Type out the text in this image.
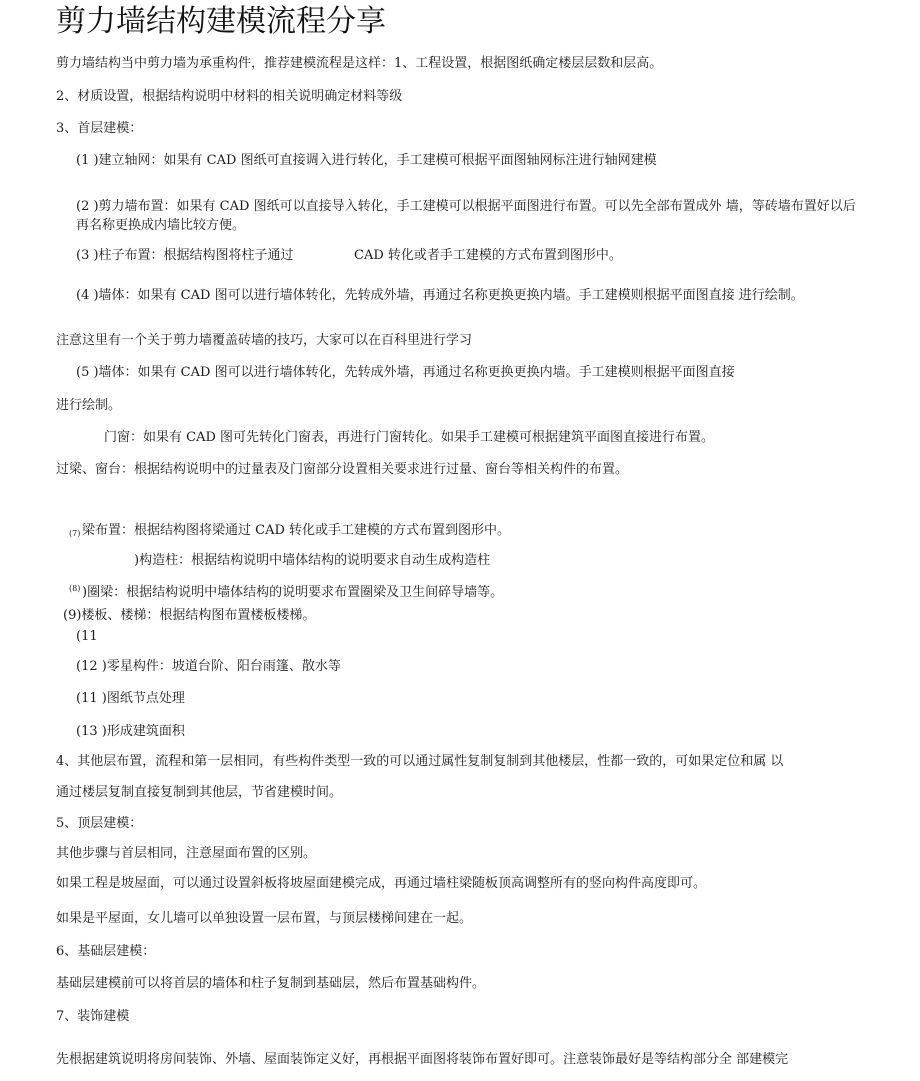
剪力墙结构建模流程分享
剪力墙结构当中剪力墙为承重构件，推荐建模流程是这样：1、工程设置，根据图纸确定楼层层数和层高。
2、材质设置，根据结构说明中材料的相关说明确定材料等级
3、首层建模：
(1 )建立轴网：如果有 CAD 图纸可直接调入进行转化，手工建模可根据平面图轴网标注进行轴网建模
(2 )剪力墙布置：如果有 CAD 图纸可以直接导入转化，手工建模可以根据平面图进行布置。可以先全部布置成外 墙，等砖墙布置好以后再名称更换成内墙比较方便。
(3 )柱子布置：根据结构图将柱子通过	CAD 转化或者手工建模的方式布置到图形中。
(4 )墙体：如果有 CAD 图可以进行墙体转化，先转成外墙，再通过名称更换更换内墙。手工建模则根据平面图直接 进行绘制。
注意这里有一个关于剪力墙覆盖砖墙的技巧，大家可以在百科里进行学习
(5 )墙体：如果有 CAD 图可以进行墙体转化，先转成外墙，再通过名称更换更换内墙。手工建模则根据平面图直接
进行绘制。
门窗：如果有 CAD 图可先转化门窗表，再进行门窗转化。如果手工建模可根据建筑平面图直接进行布置。
过梁、窗台：根据结构说明中的过量表及门窗部分设置相关要求进行过量、窗台等相关构件的布置。
(7) 梁布置：根据结构图将梁通过 CAD 转化或手工建模的方式布置到图形中。
)构造柱：根据结构说明中墙体结构的说明要求自动生成构造柱
(8) )圈梁：根据结构说明中墙体结构的说明要求布置圈梁及卫生间碎导墙等。
(9)楼板、楼梯：根据结构图布置楼板楼梯。
(11
(12 )零星构件：坡道台阶、阳台雨篷、散水等
(11 )图纸节点处理
(13 )形成建筑面积
4、其他层布置，流程和第一层相同，有些构件类型一致的可以通过属性复制复制到其他楼层，性都一致的，可如果定位和属 以
通过楼层复制直接复制到其他层，节省建模时间。
5、顶层建模：
其他步骤与首层相同，注意屋面布置的区别。
如果工程是坡屋面，可以通过设置斜板将坡屋面建模完成，再通过墙柱梁随板顶高调整所有的竖向构件高度即可。
如果是平屋面，女儿墙可以单独设置一层布置，与顶层楼梯间建在一起。
6、基础层建模：
基础层建模前可以将首层的墙体和柱子复制到基础层，然后布置基础构件。
7、装饰建模
先根据建筑说明将房间装饰、外墙、屋面装饰定义好，再根据平面图将装饰布置好即可。注意装饰最好是等结构部分全 部建模完
